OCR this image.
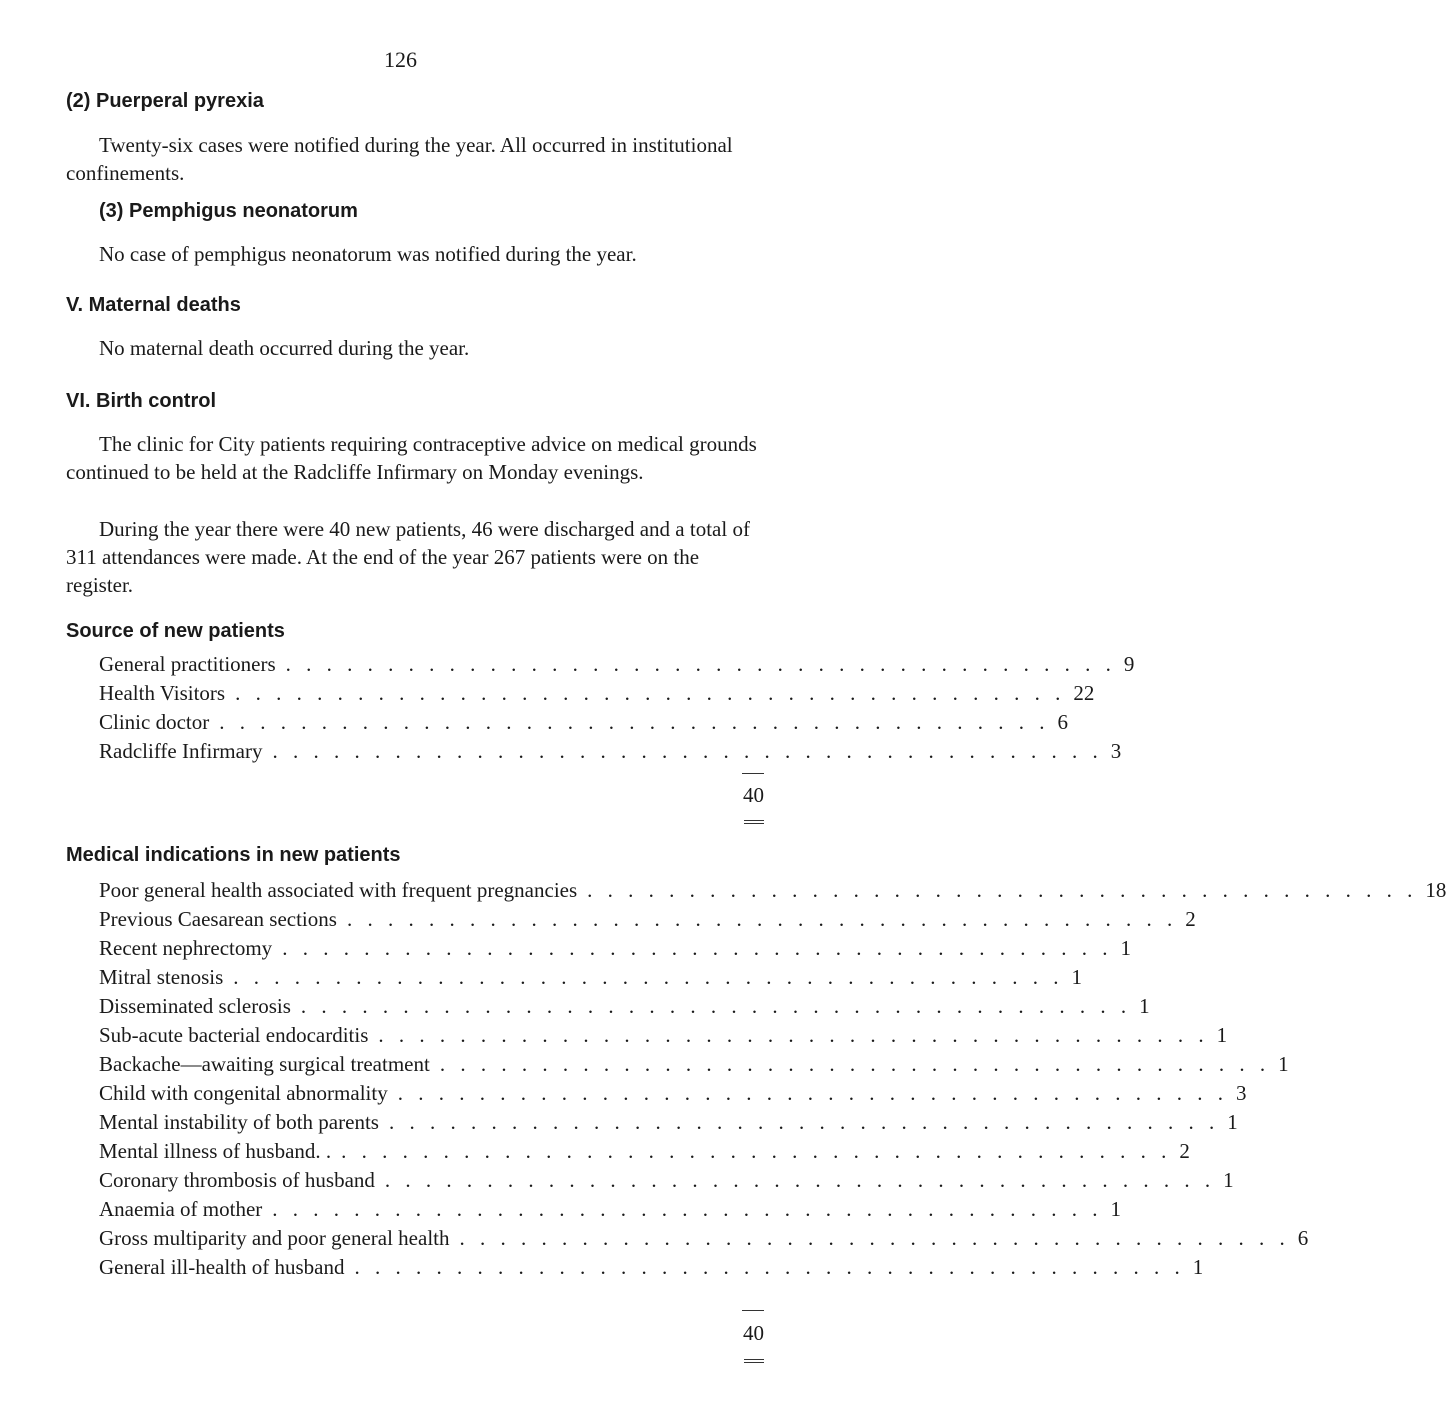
126
(2) Puerperal pyrexia
Twenty-six cases were notified during the year. All occurred in institutional confinements.
(3) Pemphigus neonatorum
No case of pemphigus neonatorum was notified during the year.
V. Maternal deaths
No maternal death occurred during the year.
VI. Birth control
The clinic for City patients requiring contraceptive advice on medical grounds continued to be held at the Radcliffe Infirmary on Monday evenings.
During the year there were 40 new patients, 46 were discharged and a total of 311 attendances were made. At the end of the year 267 patients were on the register.
Source of new patients
General practitioners . . . . . . . . . . . . . . . . . . . . . . . . . . . . . . . . . . . . . . . . . 9
Health Visitors . . . . . . . . . . . . . . . . . . . . . . . . . . . . . . . . . . . . . . . . . 22
Clinic doctor . . . . . . . . . . . . . . . . . . . . . . . . . . . . . . . . . . . . . . . . . 6
Radcliffe Infirmary . . . . . . . . . . . . . . . . . . . . . . . . . . . . . . . . . . . . . . . . . 3
40
Medical indications in new patients
Poor general health associated with frequent pregnancies . . . . . . . . . . . . . . . . . . . . . . . . . . . . . . . . . . . . . . . . . 18
Previous Caesarean sections . . . . . . . . . . . . . . . . . . . . . . . . . . . . . . . . . . . . . . . . . 2
Recent nephrectomy . . . . . . . . . . . . . . . . . . . . . . . . . . . . . . . . . . . . . . . . . 1
Mitral stenosis . . . . . . . . . . . . . . . . . . . . . . . . . . . . . . . . . . . . . . . . . 1
Disseminated sclerosis . . . . . . . . . . . . . . . . . . . . . . . . . . . . . . . . . . . . . . . . . 1
Sub-acute bacterial endocarditis . . . . . . . . . . . . . . . . . . . . . . . . . . . . . . . . . . . . . . . . . 1
Backache—awaiting surgical treatment . . . . . . . . . . . . . . . . . . . . . . . . . . . . . . . . . . . . . . . . . 1
Child with congenital abnormality . . . . . . . . . . . . . . . . . . . . . . . . . . . . . . . . . . . . . . . . . 3
Mental instability of both parents . . . . . . . . . . . . . . . . . . . . . . . . . . . . . . . . . . . . . . . . . 1
Mental illness of husband. . . . . . . . . . . . . . . . . . . . . . . . . . . . . . . . . . . . . . . . . . . 2
Coronary thrombosis of husband . . . . . . . . . . . . . . . . . . . . . . . . . . . . . . . . . . . . . . . . . 1
Anaemia of mother . . . . . . . . . . . . . . . . . . . . . . . . . . . . . . . . . . . . . . . . . 1
Gross multiparity and poor general health . . . . . . . . . . . . . . . . . . . . . . . . . . . . . . . . . . . . . . . . . 6
General ill-health of husband . . . . . . . . . . . . . . . . . . . . . . . . . . . . . . . . . . . . . . . . . 1
40
